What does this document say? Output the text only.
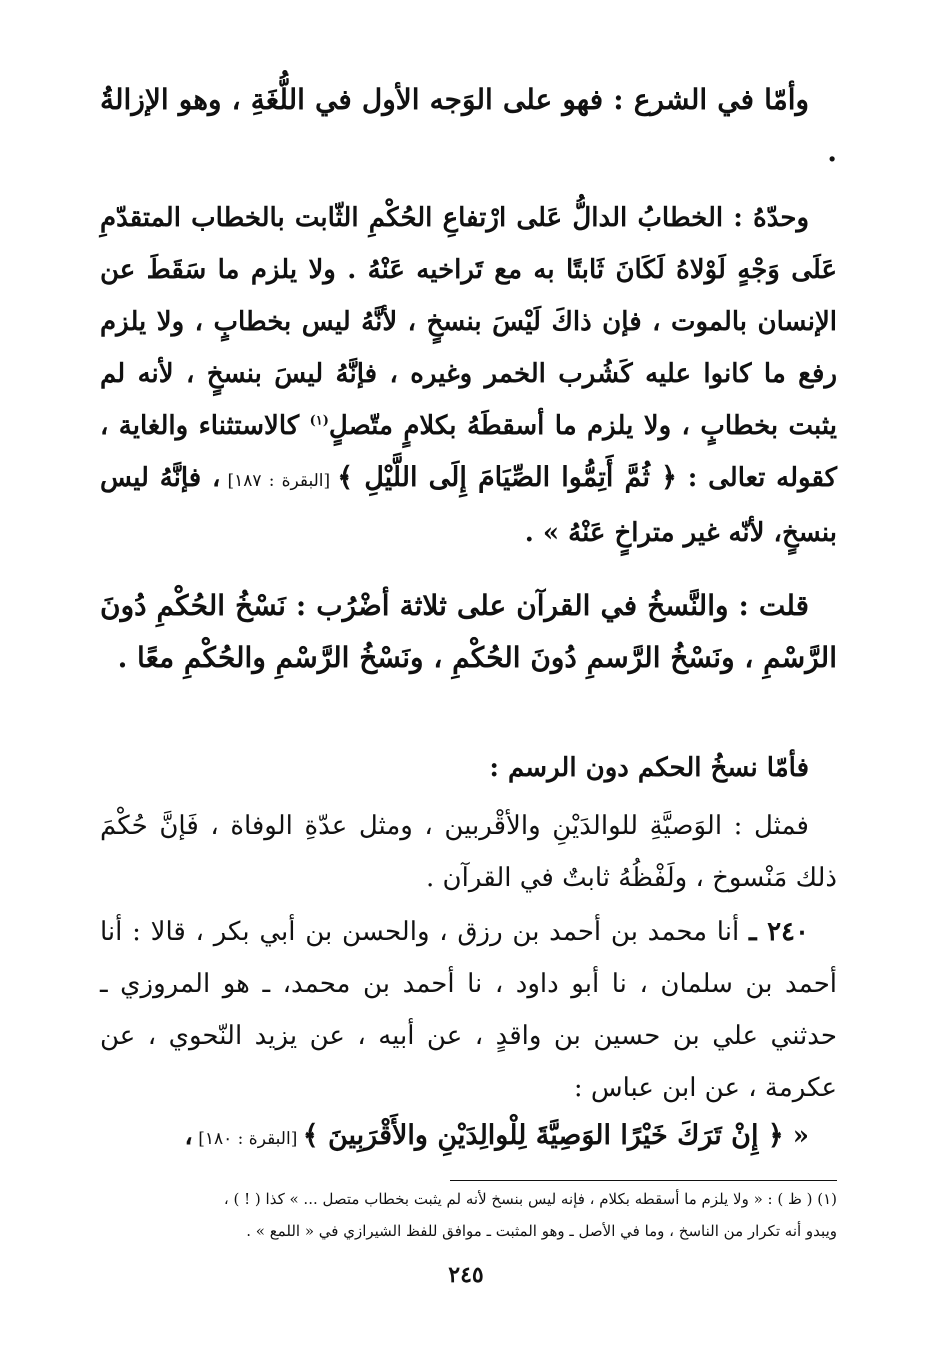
وأمّا في الشرع : فهو على الوَجه الأول في اللُّغَةِ ، وهو الإزالةُ .

وحدّهُ : الخطابُ الدالُّ عَلى ارْتفاعِ الحُكْمِ الثّابت بالخطاب المتقدّمِ عَلَى وَجْهٍ لَوْلاهُ لَكَانَ ثَابتًا به مع تَراخيه عَنْهُ . ولا يلزم ما سَقَطَ عن الإنسان بالموت ، فإن ذاكَ لَيْسَ بنسخٍ ، لأنَّهُ ليس بخطابٍ ، ولا يلزم رفع ما كانوا عليه كَشُرب الخمر وغيره ، فإنَّهُ ليسَ بنسخٍ ، لأنه لم يثبت بخطابٍ ، ولا يلزم ما أسقطَهُ بكلامٍ متّصلٍ$^{(١)}$ كالاستثناء والغاية ، كقوله تعالى : ﴿ ثُمَّ أَتِمُّوا الصِّيَامَ إِلَى اللَّيْلِ ﴾ [البقرة : ١٨٧] ، فإنَّهُ ليس بنسخٍ، لأنّه غير متراخٍ عَنْهُ » .

قلت : والنَّسخُ في القرآن على ثلاثة أضْرُب : نَسْخُ الحُكْمِ دُونَ الرَّسْمِ ، ونَسْخُ الرَّسمِ دُونَ الحُكْمِ ، ونَسْخُ الرَّسْمِ والحُكْمِ معًا .

فأمّا نسخُ الحكم دون الرسم :

فمثل : الوَصيَّةِ للوالدَيْنِ والأقْربين ، ومثل عدّةِ الوفاة ، فَإنَّ حُكْمَ ذلك مَنْسوخ ، ولَفْظُهُ ثابتٌ في القرآن .

٢٤٠ ـ أنا محمد بن أحمد بن رزق ، والحسن بن أبي بكر ، قالا : أنا أحمد بن سلمان ، نا أبو داود ، نا أحمد بن محمد، ـ هو المروزي ـ حدثني علي بن حسين بن واقدٍ ، عن أبيه ، عن يزيد النّحوي ، عن عكرمة ، عن ابن عباس :

« ﴿ إِنْ تَرَكَ خَيْرًا الوَصِيَّةَ لِلْوالِدَيْنِ والأَقْرَبِينَ ﴾ [البقرة : ١٨٠] ،

(١) ( ظ ) : « ولا يلزم ما أسقطه بكلام ، فإنه ليس بنسخ لأنه لم يثبت بخطاب متصل ... » كذا ( ! ) ،

ويبدو أنه تكرار من الناسخ ، وما في الأصل ـ وهو المثبت ـ موافق للفظ الشيرازي في « اللمع » .

٢٤٥
